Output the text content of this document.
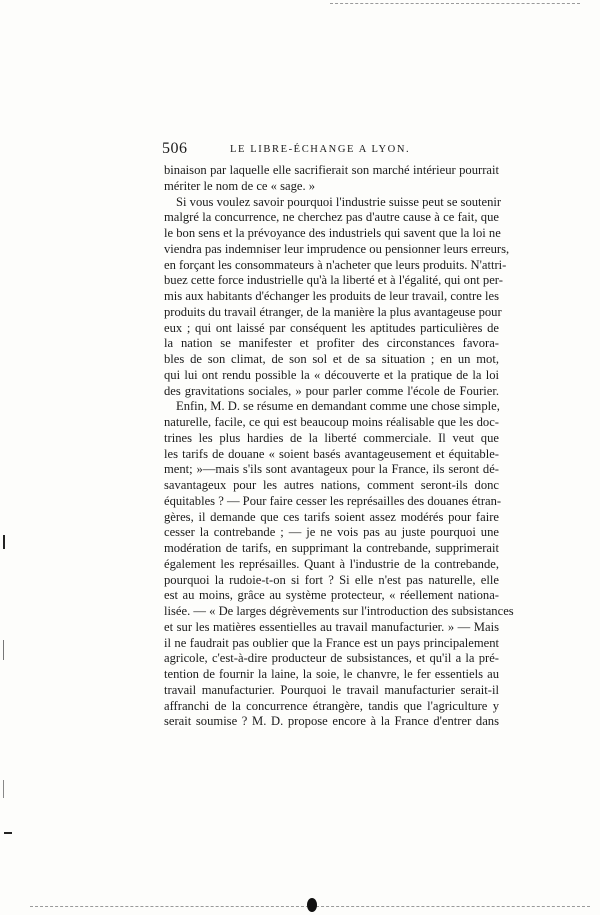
506	LE LIBRE-ÉCHANGE A LYON.
binaison par laquelle elle sacrifierait son marché intérieur pourrait
mériter le nom de ce « sage. »
Si vous voulez savoir pourquoi l'industrie suisse peut se soutenir
malgré la concurrence, ne cherchez pas d'autre cause à ce fait, que
le bon sens et la prévoyance des industriels qui savent que la loi ne
viendra pas indemniser leur imprudence ou pensionner leurs erreurs,
en forçant les consommateurs à n'acheter que leurs produits. N'attri-
buez cette force industrielle qu'à la liberté et à l'égalité, qui ont per-
mis aux habitants d'échanger les produits de leur travail, contre les
produits du travail étranger, de la manière la plus avantageuse pour
eux ; qui ont laissé par conséquent les aptitudes particulières de
la nation se manifester et profiter des circonstances favora-
bles de son climat, de son sol et de sa situation ; en un mot,
qui lui ont rendu possible la « découverte et la pratique de la loi
des gravitations sociales, » pour parler comme l'école de Fourier.
Enfin, M. D. se résume en demandant comme une chose simple,
naturelle, facile, ce qui est beaucoup moins réalisable que les doc-
trines les plus hardies de la liberté commerciale. Il veut que
les tarifs de douane « soient basés avantageusement et équitable-
ment; »—mais s'ils sont avantageux pour la France, ils seront dé-
savantageux pour les autres nations, comment seront-ils donc
équitables ? — Pour faire cesser les représailles des douanes étran-
gères, il demande que ces tarifs soient assez modérés pour faire
cesser la contrebande ; — je ne vois pas au juste pourquoi une
modération de tarifs, en supprimant la contrebande, supprimerait
également les représailles. Quant à l'industrie de la contrebande,
pourquoi la rudoie-t-on si fort ? Si elle n'est pas naturelle, elle
est au moins, grâce au système protecteur, « réellement nationa-
lisée. — « De larges dégrèvements sur l'introduction des subsistances
et sur les matières essentielles au travail manufacturier. » — Mais
il ne faudrait pas oublier que la France est un pays principalement
agricole, c'est-à-dire producteur de subsistances, et qu'il a la pré-
tention de fournir la laine, la soie, le chanvre, le fer essentiels au
travail manufacturier. Pourquoi le travail manufacturier serait-il
affranchi de la concurrence étrangère, tandis que l'agriculture y
serait soumise ? M. D. propose encore à la France d'entrer dans
